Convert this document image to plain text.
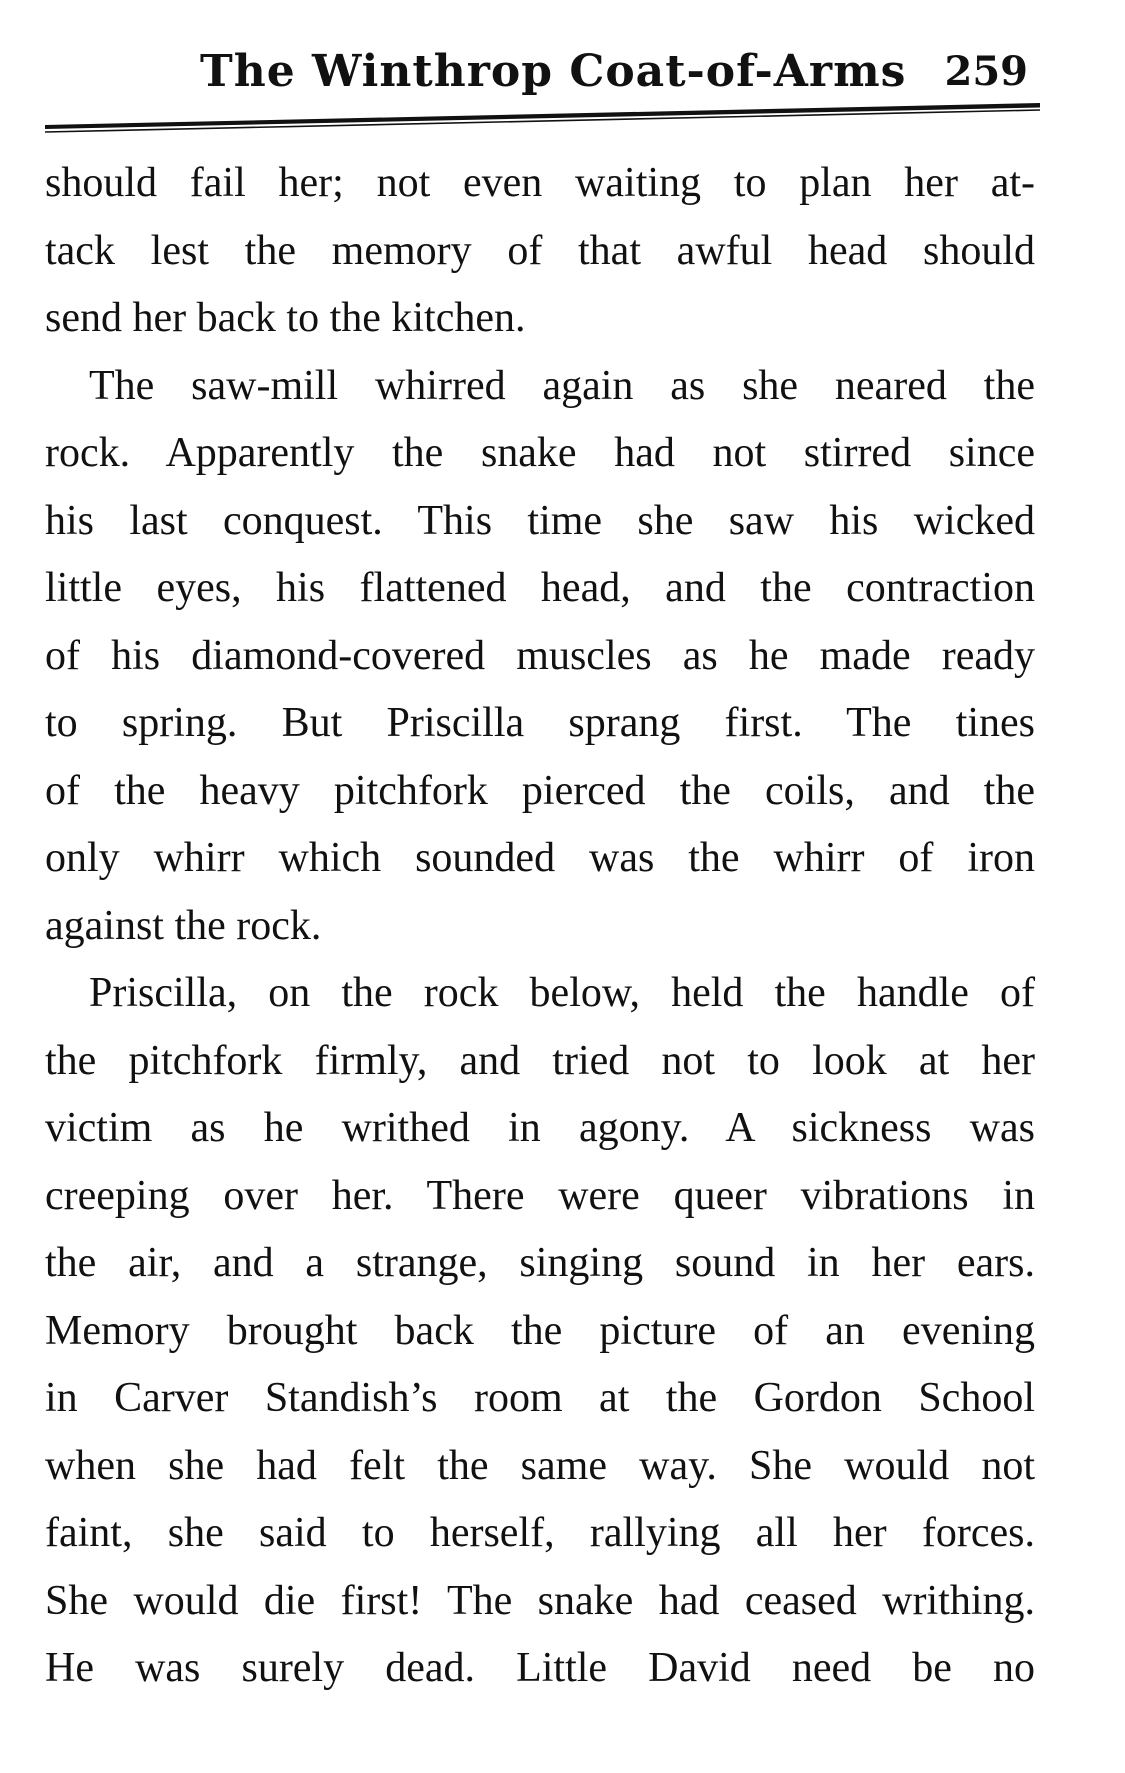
The Winthrop Coat-of-Arms 259
should fail her; not even waiting to plan her at-
tack lest the memory of that awful head should
send her back to the kitchen.
The saw-mill whirred again as she neared the
rock. Apparently the snake had not stirred since
his last conquest. This time she saw his wicked
little eyes, his flattened head, and the contraction
of his diamond-covered muscles as he made ready
to spring. But Priscilla sprang first. The tines
of the heavy pitchfork pierced the coils, and the
only whirr which sounded was the whirr of iron
against the rock.
Priscilla, on the rock below, held the handle of
the pitchfork firmly, and tried not to look at her
victim as he writhed in agony. A sickness was
creeping over her. There were queer vibrations in
the air, and a strange, singing sound in her ears.
Memory brought back the picture of an evening
in Carver Standish’s room at the Gordon School
when she had felt the same way. She would not
faint, she said to herself, rallying all her forces.
She would die first! The snake had ceased writhing.
He was surely dead. Little David need be no
